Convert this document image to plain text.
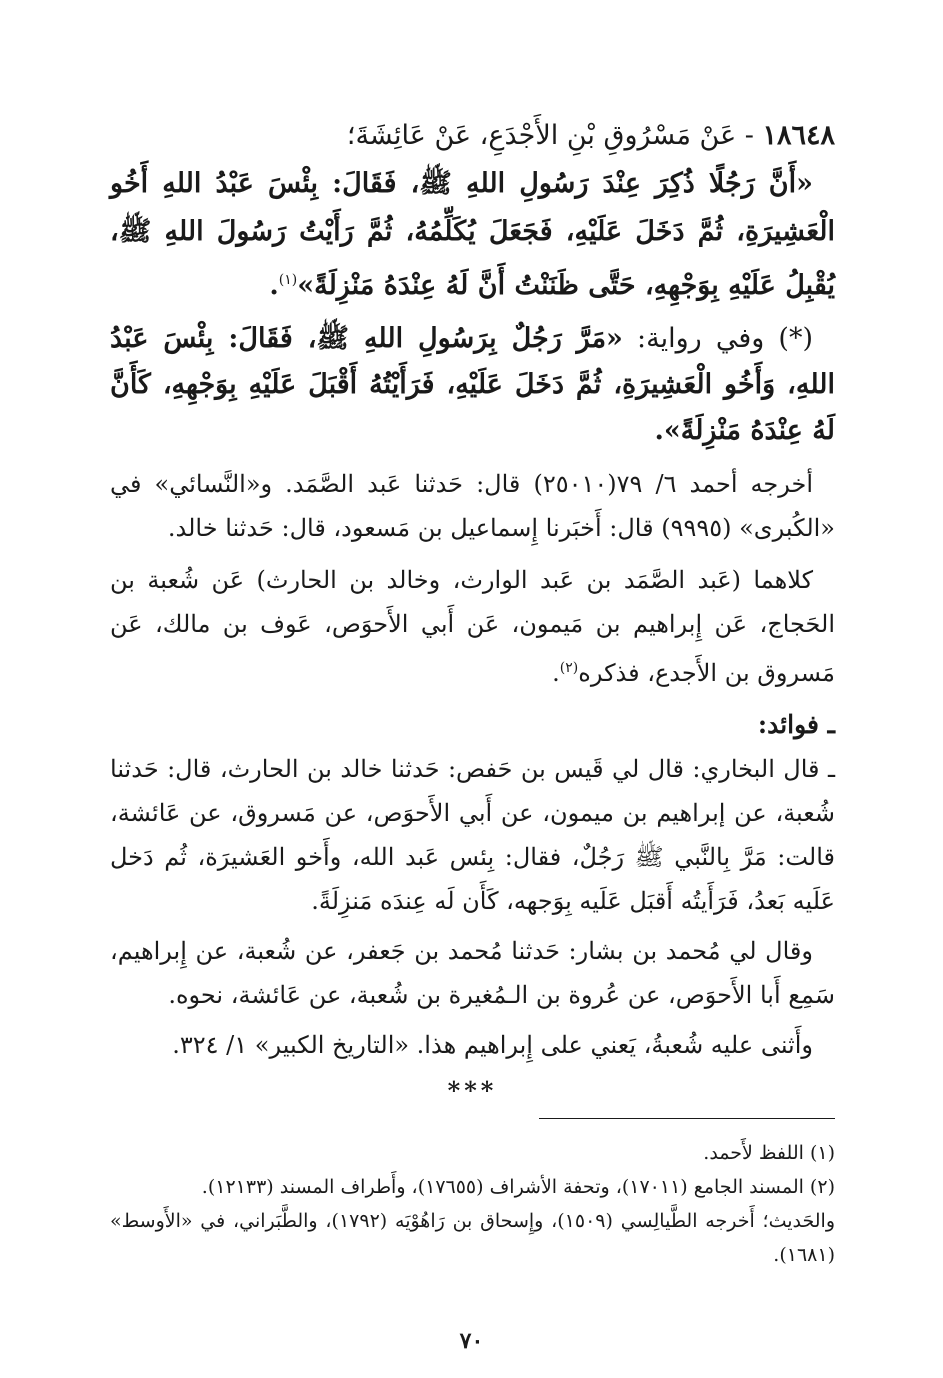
١٨٦٤٨ - عَنْ مَسْرُوقِ بْنِ الأَجْدَعِ، عَنْ عَائِشَةَ؛

«أَنَّ رَجُلًا ذُكِرَ عِنْدَ رَسُولِ اللهِ ﷺ، فَقَالَ: بِئْسَ عَبْدُ اللهِ أَخُو الْعَشِيرَةِ، ثُمَّ دَخَلَ عَلَيْهِ، فَجَعَلَ يُكَلِّمُهُ، ثُمَّ رَأَيْتُ رَسُولَ اللهِ ﷺ، يُقْبِلُ عَلَيْهِ بِوَجْهِهِ، حَتَّى ظَنَنْتُ أَنَّ لَهُ عِنْدَهُ مَنْزِلَةً»$^{(١)}$.

(*) وفي رواية: «مَرَّ رَجُلٌ بِرَسُولِ اللهِ ﷺ، فَقَالَ: بِئْسَ عَبْدُ اللهِ، وَأَخُو الْعَشِيرَةِ، ثُمَّ دَخَلَ عَلَيْهِ، فَرَأَيْتُهُ أَقْبَلَ عَلَيْهِ بِوَجْهِهِ، كَأَنَّ لَهُ عِنْدَهُ مَنْزِلَةً».

أخرجه أحمد ٦/ ٧٩(٢٥٠١٠) قال: حَدثنا عَبد الصَّمَد. و«النَّسائي» في «الكُبرى» (٩٩٩٥) قال: أَخبَرنا إِسماعيل بن مَسعود، قال: حَدثنا خالد.

كلاهما (عَبد الصَّمَد بن عَبد الوارث، وخالد بن الحارث) عَن شُعبة بن الحَجاج، عَن إِبراهيم بن مَيمون، عَن أَبي الأَحوَص، عَوف بن مالك، عَن مَسروق بن الأَجدع، فذكره$^{(٢)}$.

ـ فوائد:

ـ قال البخاري: قال لي قَيس بن حَفص: حَدثنا خالد بن الحارث، قال: حَدثنا شُعبة، عن إبراهيم بن ميمون، عن أَبي الأَحوَص، عن مَسروق، عن عَائشة، قالت: مَرَّ بِالنَّبي ﷺ رَجُلٌ، فقال: بِئس عَبد الله، وأَخو العَشيرَة، ثُم دَخل عَلَيه بَعدُ، فَرَأَيتُه أَقبَل عَلَيه بِوَجهه، كَأَن لَه عِندَه مَنزِلَةً.

وقال لي مُحمد بن بشار: حَدثنا مُحمد بن جَعفر، عن شُعبة، عن إِبراهيم، سَمِع أَبا الأَحوَص، عن عُروة بن الـمُغيرة بن شُعبة، عن عَائشة، نحوه.

وأَثنى عليه شُعبةُ، يَعني على إِبراهيم هذا. «التاريخ الكبير» ١/ ٣٢٤.

***

(١) اللفظ لأَحمد.

(٢) المسند الجامع (١٧٠١١)، وتحفة الأشراف (١٧٦٥٥)، وأَطراف المسند (١٢١٣٣).

والحَديث؛ أَخرجه الطَّيالِسي (١٥٠٩)، وإِسحاق بن رَاهُوْيَه (١٧٩٢)، والطَّبَراني، في «الأَوسط» (١٦٨١).

٧٠
